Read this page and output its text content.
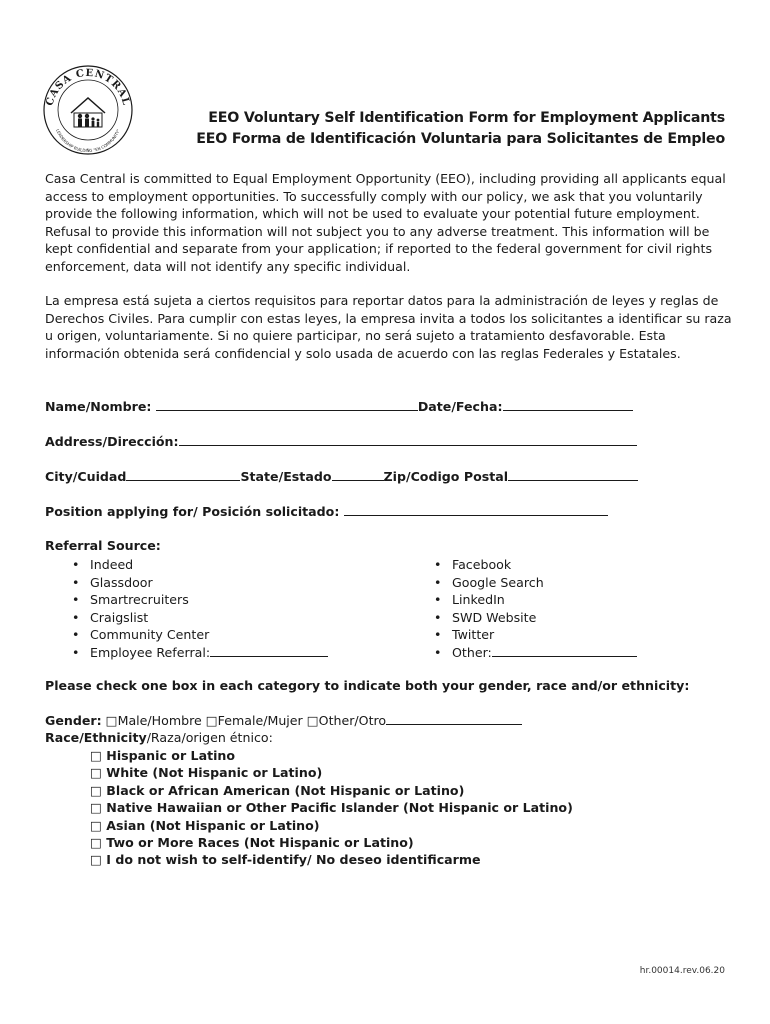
CASA CENTRAL
LEADERSHIP BUILDING "EN COMMUNITY"
EEO Voluntary Self Identification Form for Employment Applicants
EEO Forma de Identificación Voluntaria para Solicitantes de Empleo
Casa Central is committed to Equal Employment Opportunity (EEO), including providing all applicants equal access to employment opportunities. To successfully comply with our policy, we ask that you voluntarily provide the following information, which will not be used to evaluate your potential future employment. Refusal to provide this information will not subject you to any adverse treatment. This information will be kept confidential and separate from your application; if reported to the federal government for civil rights enforcement, data will not identify any specific individual.
La empresa está sujeta a ciertos requisitos para reportar datos para la administración de leyes y reglas de Derechos Civiles. Para cumplir con estas leyes, la empresa invita a todos los solicitantes a identificar su raza u origen, voluntariamente. Si no quiere participar, no será sujeto a tratamiento desfavorable. Esta información obtenida será confidencial y solo usada de acuerdo con las reglas Federales y Estatales.
Name/Nombre:	Date/Fecha:
Address/Dirección:
City/Cuidad	State/Estado	Zip/Codigo Postal
Position applying for/ Posición solicitado:
Referral Source:
• Indeed
• Glassdoor
• Smartrecruiters
• Craigslist
• Community Center
• Employee Referral:
• Facebook
• Google Search
• LinkedIn
• SWD Website
• Twitter
• Other:
Please check one box in each category to indicate both your gender, race and/or ethnicity:
Gender: □Male/Hombre □Female/Mujer □Other/Otro
Race/Ethnicity/Raza/origen étnico:
□ Hispanic or Latino
□ White (Not Hispanic or Latino)
□ Black or African American (Not Hispanic or Latino)
□ Native Hawaiian or Other Pacific Islander (Not Hispanic or Latino)
□ Asian (Not Hispanic or Latino)
□ Two or More Races (Not Hispanic or Latino)
□ I do not wish to self-identify/ No deseo identificarme
hr.00014.rev.06.20
